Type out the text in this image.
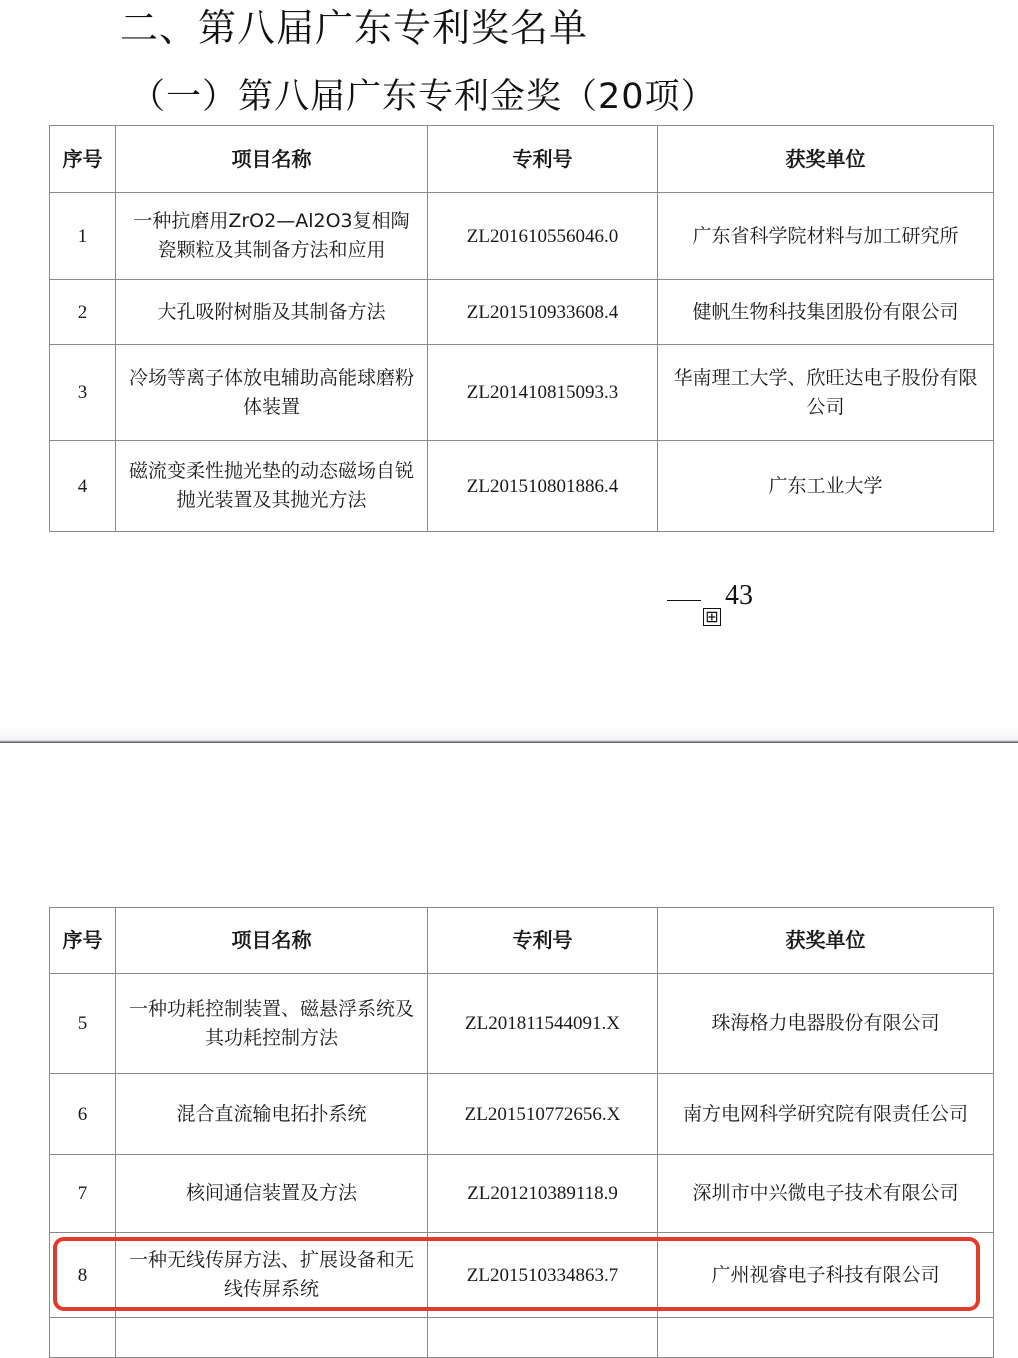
二、第八届广东专利奖名单
（一）第八届广东专利金奖（20项）
序号	项目名称	专利号	获奖单位
1	一种抗磨用ZrO2—Al2O3复相陶瓷颗粒及其制备方法和应用	ZL201610556046.0	广东省科学院材料与加工研究所
2	大孔吸附树脂及其制备方法	ZL201510933608.4	健帆生物科技集团股份有限公司
3	冷场等离子体放电辅助高能球磨粉体装置	ZL201410815093.3	华南理工大学、欣旺达电子股份有限公司
4	磁流变柔性抛光垫的动态磁场自锐抛光装置及其抛光方法	ZL201510801886.4	广东工业大学
⊞43
序号	项目名称	专利号	获奖单位
5	一种功耗控制装置、磁悬浮系统及其功耗控制方法	ZL201811544091.X	珠海格力电器股份有限公司
6	混合直流输电拓扑系统	ZL201510772656.X	南方电网科学研究院有限责任公司
7	核间通信装置及方法	ZL201210389118.9	深圳市中兴微电子技术有限公司
8	一种无线传屏方法、扩展设备和无线传屏系统	ZL201510334863.7	广州视睿电子科技有限公司
